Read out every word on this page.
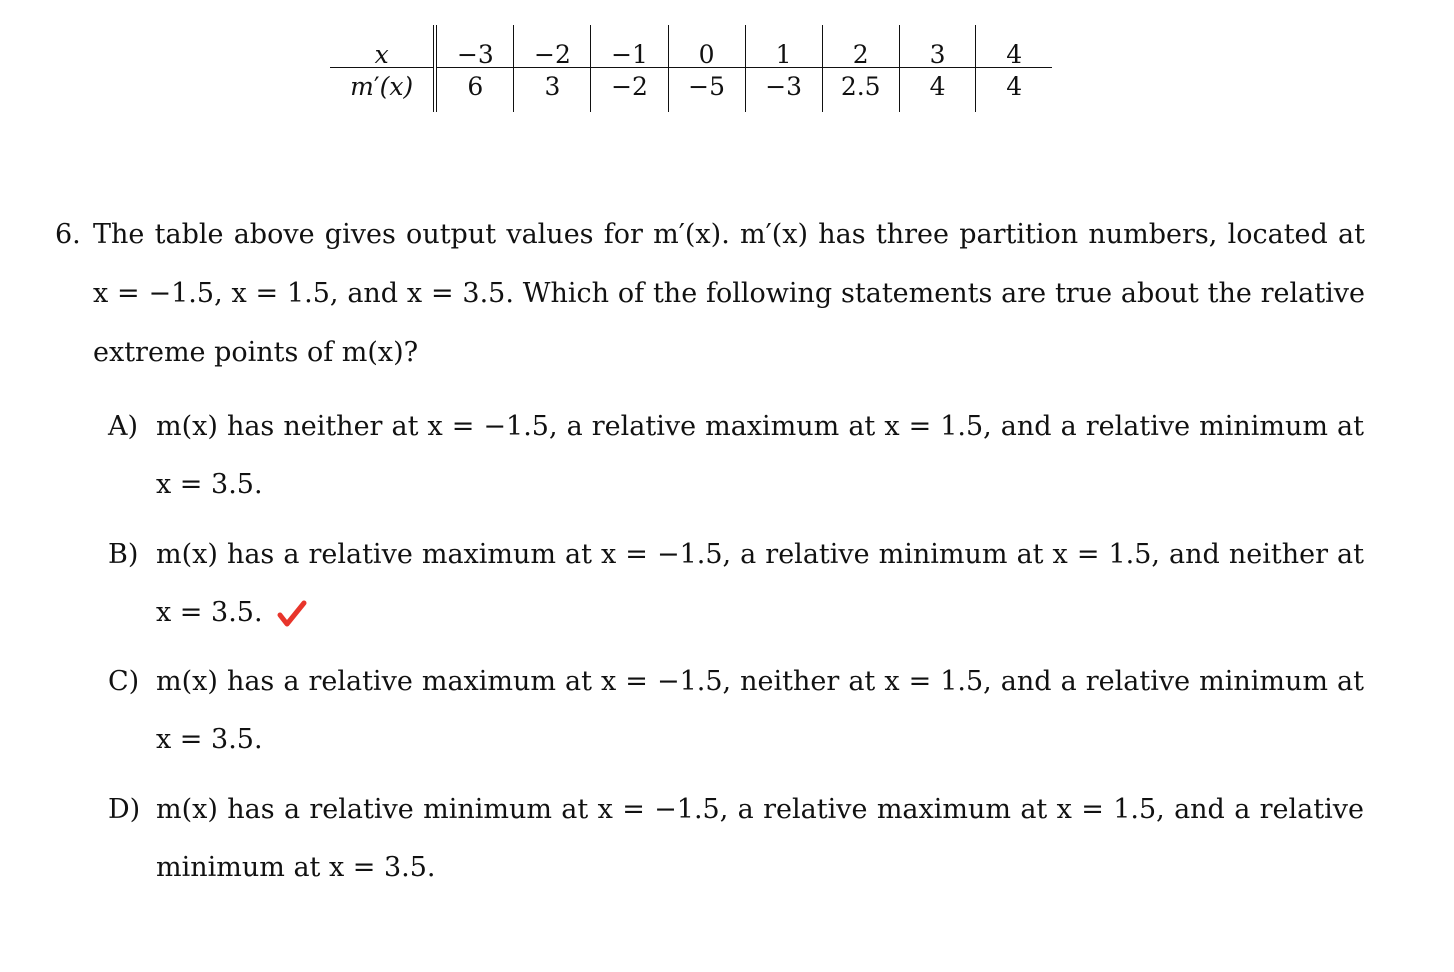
x	−3	−2	−1	0	1	2	3	4
m′(x)	6	3	−2	−5	−3	2.5	4	4
6. The table above gives output values for m′(x). m′(x) has three partition numbers, located at x = −1.5, x = 1.5, and x = 3.5. Which of the following statements are true about the relative extreme points of m(x)?
A) m(x) has neither at x = −1.5, a relative maximum at x = 1.5, and a relative minimum at x = 3.5.
B) m(x) has a relative maximum at x = −1.5, a relative minimum at x = 1.5, and neither at x = 3.5.
C) m(x) has a relative maximum at x = −1.5, neither at x = 1.5, and a relative minimum at x = 3.5.
D) m(x) has a relative minimum at x = −1.5, a relative maximum at x = 1.5, and a relative minimum at x = 3.5.
